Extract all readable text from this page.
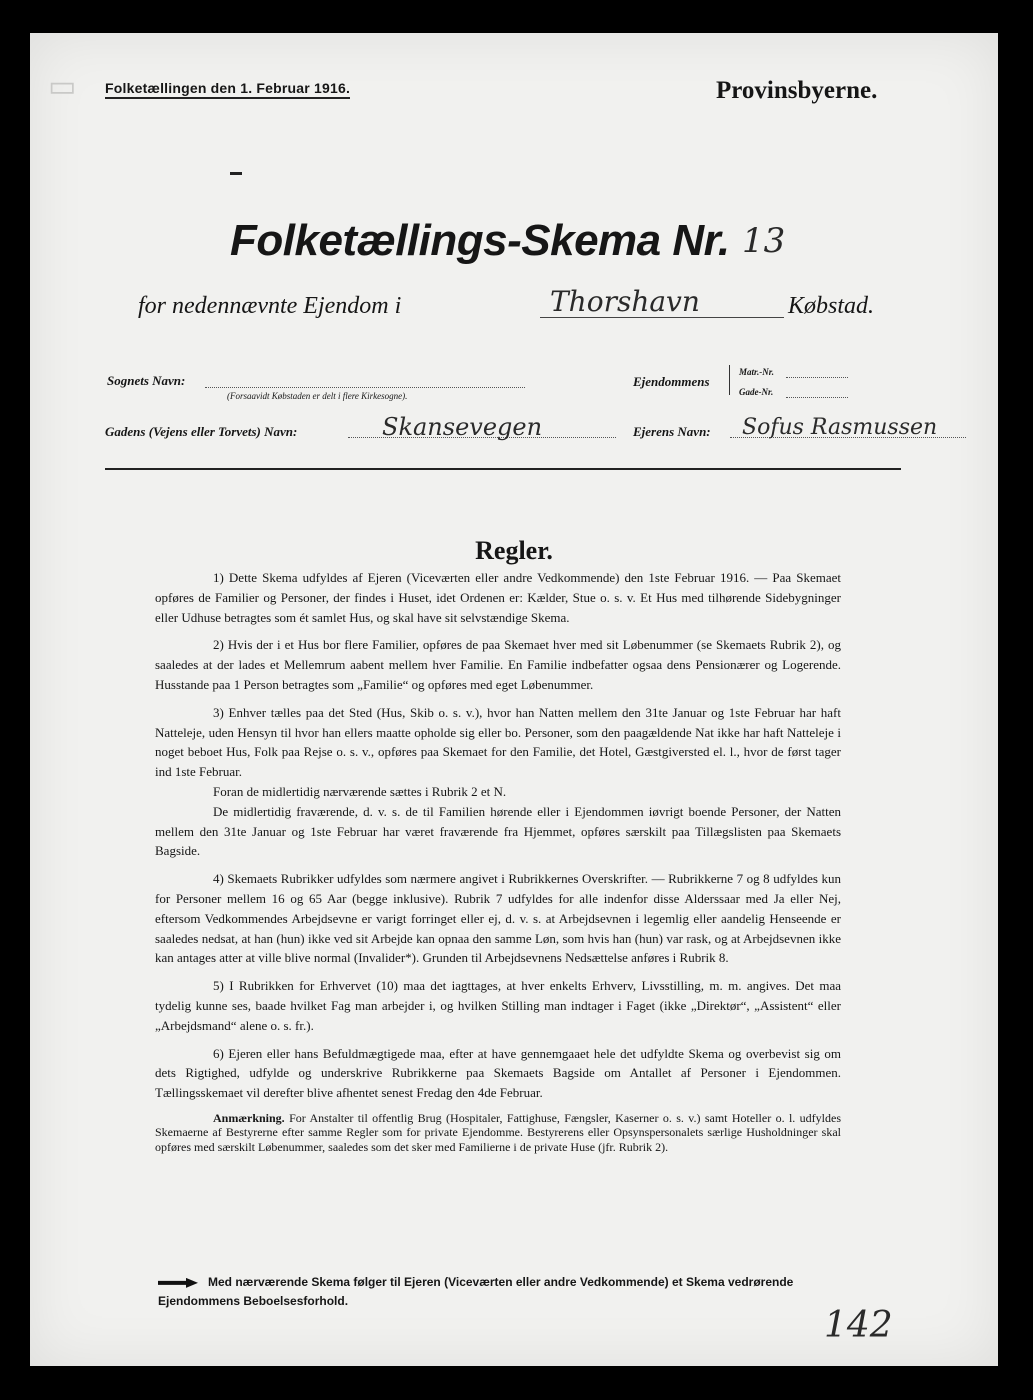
▭ Folketællingen den 1. Februar 1916.	Provinsbyerne.
Folketællings-Skema Nr. 13
for nedennævnte Ejendom i	Thorshavn	Købstad.
Sognets Navn:
(Forsaavidt Købstaden er delt i flere Kirkesogne).
Ejendommens
Matr.-Nr.
Gade-Nr.
Gadens (Vejens eller Torvets) Navn:	Skansevegen	Ejerens Navn: Sofus Rasmussen
Regler.

1) Dette Skema udfyldes af Ejeren (Viceværten eller andre Vedkommende) den 1ste Februar 1916. — Paa Skemaet opføres de Familier og Personer, der findes i Huset, idet Ordenen er: Kælder, Stue o. s. v. Et Hus med tilhørende Sidebygninger eller Udhuse betragtes som ét samlet Hus, og skal have sit selvstændige Skema.

2) Hvis der i et Hus bor flere Familier, opføres de paa Skemaet hver med sit Løbenummer (se Skemaets Rubrik 2), og saaledes at der lades et Mellemrum aabent mellem hver Familie. En Familie indbefatter ogsaa dens Pensionærer og Logerende. Husstande paa 1 Person betragtes som „Familie“ og opføres med eget Løbenummer.

3) Enhver tælles paa det Sted (Hus, Skib o. s. v.), hvor han Natten mellem den 31te Januar og 1ste Februar har haft Natteleje, uden Hensyn til hvor han ellers maatte opholde sig eller bo. Personer, som den paagældende Nat ikke har haft Natteleje i noget beboet Hus, Folk paa Rejse o. s. v., opføres paa Skemaet for den Familie, det Hotel, Gæstgiversted el. l., hvor de først tager ind 1ste Februar.

Foran de midlertidig nærværende sættes i Rubrik 2 et N.

De midlertidig fraværende, d. v. s. de til Familien hørende eller i Ejendommen iøvrigt boende Personer, der Natten mellem den 31te Januar og 1ste Februar har været fraværende fra Hjemmet, opføres særskilt paa Tillægslisten paa Skemaets Bagside.

4) Skemaets Rubrikker udfyldes som nærmere angivet i Rubrikkernes Overskrifter. — Rubrikkerne 7 og 8 udfyldes kun for Personer mellem 16 og 65 Aar (begge inklusive). Rubrik 7 udfyldes for alle indenfor disse Alderssaar med Ja eller Nej, eftersom Vedkommendes Arbejdsevne er varigt forringet eller ej, d. v. s. at Arbejdsevnen i legemlig eller aandelig Henseende er saaledes nedsat, at han (hun) ikke ved sit Arbejde kan opnaa den samme Løn, som hvis han (hun) var rask, og at Arbejdsevnen ikke kan antages atter at ville blive normal (Invalider*). Grunden til Arbejdsevnens Nedsættelse anføres i Rubrik 8.

5) I Rubrikken for Erhvervet (10) maa det iagttages, at hver enkelts Erhverv, Livsstilling, m. m. angives. Det maa tydelig kunne ses, baade hvilket Fag man arbejder i, og hvilken Stilling man indtager i Faget (ikke „Direktør“, „Assistent“ eller „Arbejdsmand“ alene o. s. fr.).

6) Ejeren eller hans Befuldmægtigede maa, efter at have gennemgaaet hele det udfyldte Skema og overbevist sig om dets Rigtighed, udfylde og underskrive Rubrikkerne paa Skemaets Bagside om Antallet af Personer i Ejendommen. Tællingsskemaet vil derefter blive afhentet senest Fredag den 4de Februar.

Anmærkning. For Anstalter til offentlig Brug (Hospitaler, Fattighuse, Fængsler, Kaserner o. s. v.) samt Hoteller o. l. udfyldes Skemaerne af Bestyrerne efter samme Regler som for private Ejendomme. Bestyrerens eller Opsynspersonalets særlige Husholdninger skal opføres med særskilt Løbenummer, saaledes som det sker med Familierne i de private Huse (jfr. Rubrik 2).

Med nærværende Skema følger til Ejeren (Viceværten eller andre Vedkommende) et Skema vedrørende Ejendommens Beboelsesforhold.
142
